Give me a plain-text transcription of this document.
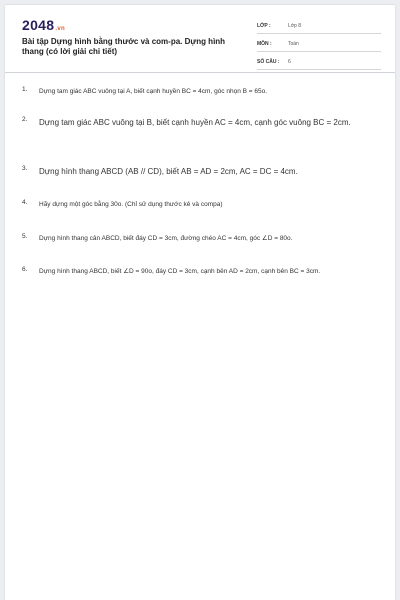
2048.vn
Bài tập Dựng hình bằng thước và com-pa. Dựng hình thang (có lời giải chi tiết)
LỚP :	Lớp 8
MÔN :	Toán
SỐ CÂU :	6
1.	Dựng tam giác ABC vuông tại A, biết cạnh huyền BC = 4cm, góc nhọn B = 65o.
2.	Dựng tam giác ABC vuông tại B, biết cạnh huyền AC = 4cm, cạnh góc vuông BC = 2cm.
3.	Dựng hình thang ABCD (AB // CD), biết AB = AD = 2cm, AC = DC = 4cm.
4.	Hãy dựng một góc bằng 30o. (Chỉ sử dụng thước kẻ và compa)
5.	Dựng hình thang cân ABCD, biết đáy CD = 3cm, đường chéo AC = 4cm, góc ∠D = 80o.
6.	Dựng hình thang ABCD, biết ∠D = 90o, đáy CD = 3cm, cạnh bên AD = 2cm, cạnh bên BC = 3cm.
